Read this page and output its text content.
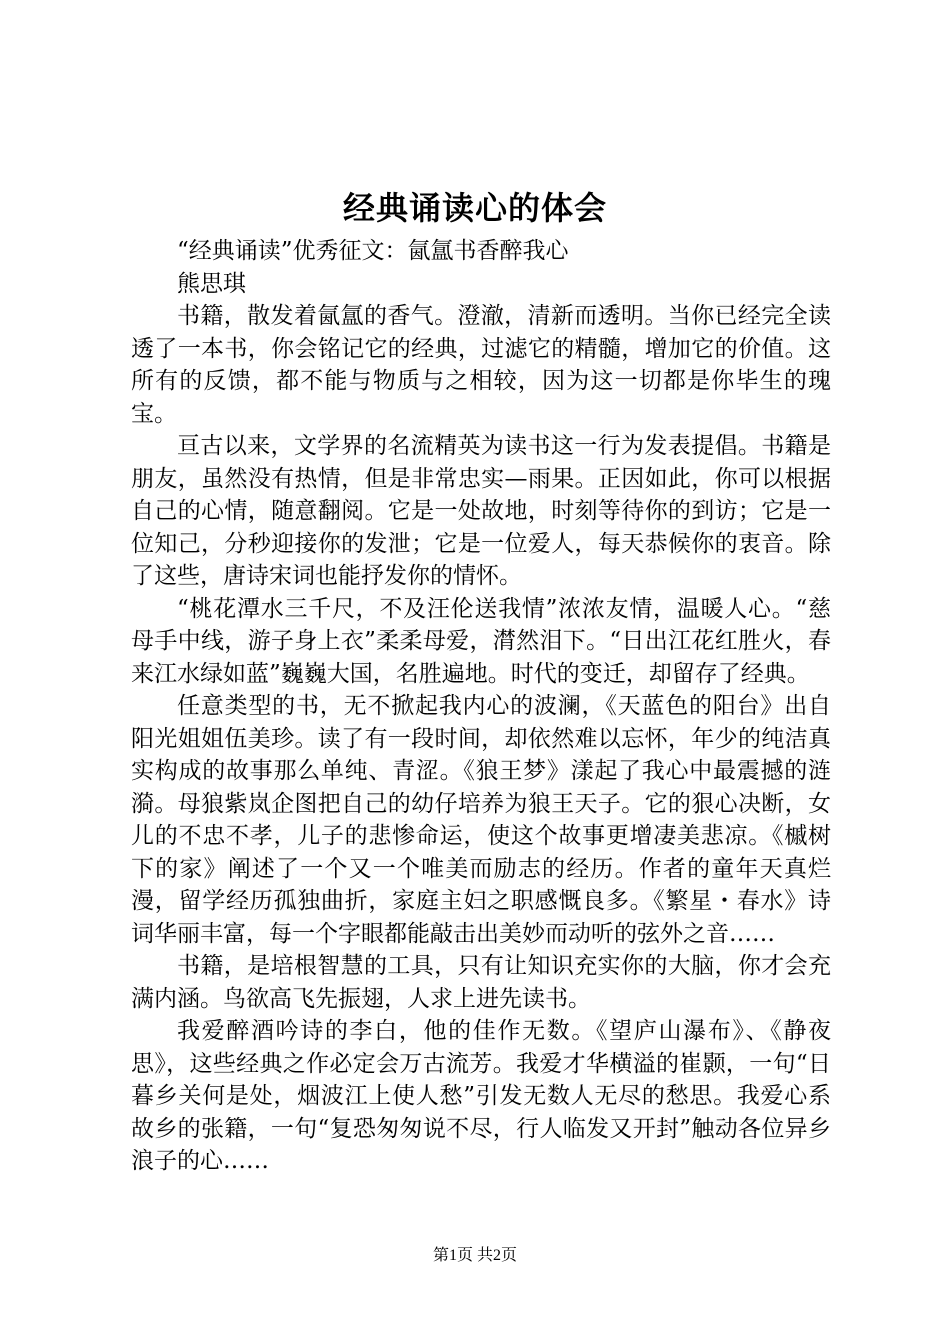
经典诵读心的体会

“经典诵读”优秀征文：氤氲书香醉我心

熊思琪

书籍，散发着氤氲的香气。澄澈，清新而透明。当你已经完全读透了一本书，你会铭记它的经典，过滤它的精髓，增加它的价值。这所有的反馈，都不能与物质与之相较，因为这一切都是你毕生的瑰宝。

亘古以来，文学界的名流精英为读书这一行为发表提倡。书籍是朋友，虽然没有热情，但是非常忠实—雨果。正因如此，你可以根据自己的心情，随意翻阅。它是一处故地，时刻等待你的到访；它是一位知己，分秒迎接你的发泄；它是一位爱人，每天恭候你的衷音。除了这些，唐诗宋词也能抒发你的情怀。

“桃花潭水三千尺，不及汪伦送我情”浓浓友情，温暖人心。“慈母手中线，游子身上衣”柔柔母爱，潸然泪下。“日出江花红胜火，春来江水绿如蓝”巍巍大国，名胜遍地。时代的变迁，却留存了经典。

任意类型的书，无不掀起我内心的波澜，《天蓝色的阳台》出自阳光姐姐伍美珍。读了有一段时间，却依然难以忘怀，年少的纯洁真实构成的故事那么单纯、青涩。《狼王梦》漾起了我心中最震撼的涟漪。母狼紫岚企图把自己的幼仔培养为狼王天子。它的狠心决断，女儿的不忠不孝，儿子的悲惨命运，使这个故事更增凄美悲凉。《槭树下的家》阐述了一个又一个唯美而励志的经历。作者的童年天真烂漫，留学经历孤独曲折，家庭主妇之职感慨良多。《繁星・春水》诗词华丽丰富，每一个字眼都能敲击出美妙而动听的弦外之音……

书籍，是培根智慧的工具，只有让知识充实你的大脑，你才会充满内涵。鸟欲高飞先振翅，人求上进先读书。

我爱醉酒吟诗的李白，他的佳作无数。《望庐山瀑布》、《静夜思》，这些经典之作必定会万古流芳。我爱才华横溢的崔颢，一句“日暮乡关何是处，烟波江上使人愁”引发无数人无尽的愁思。我爱心系故乡的张籍，一句“复恐匆匆说不尽，行人临发又开封”触动各位异乡浪子的心……

第1页 共2页
